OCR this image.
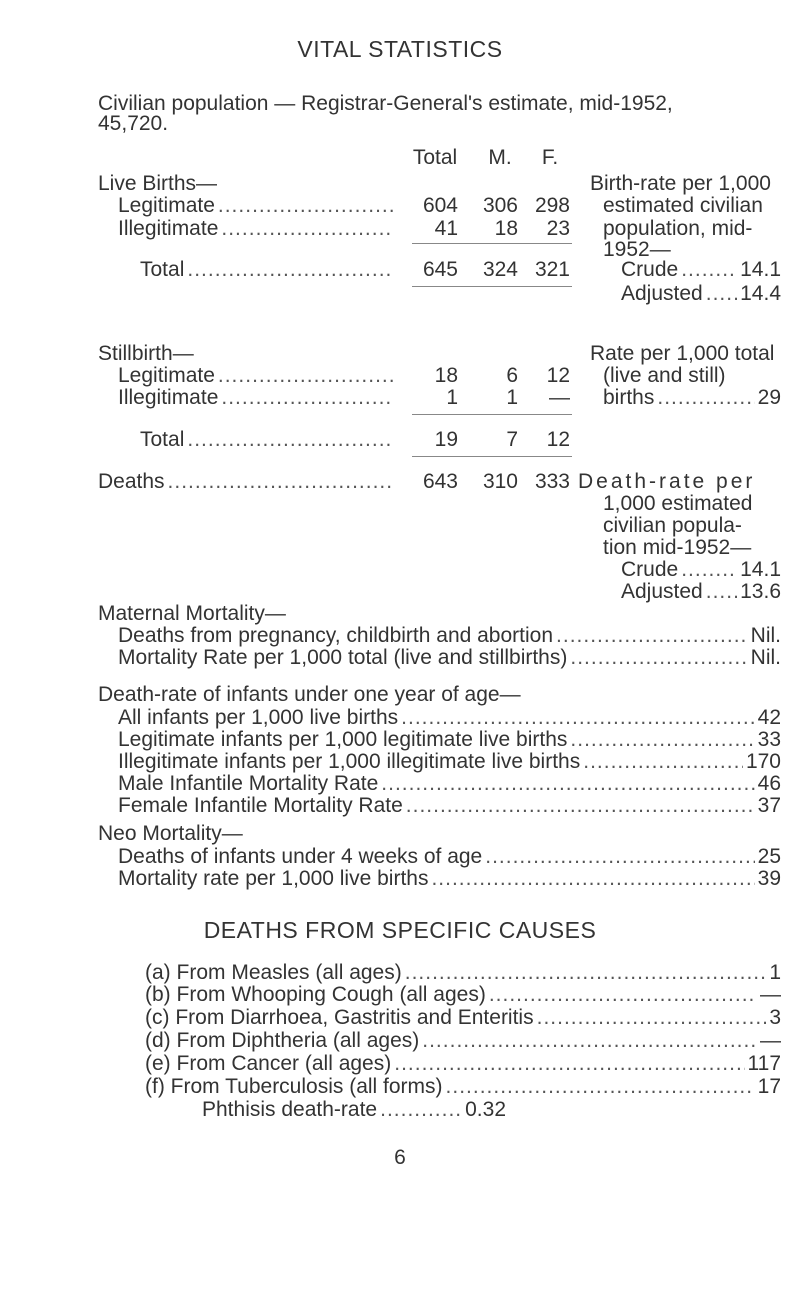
VITAL STATISTICS
Civilian population — Registrar-General's estimate, mid-1952,
45,720.
Total	M.	F.
Live Births—
Legitimate .....	604	306 298
Illegitimate .....	41	18	23
Total .....	645	324 321
Birth-rate per 1,000
estimated civilian
population, mid-
1952—
Crude .....	14.1
Adjusted ..... 14.4
Stillbirth—
Legitimate .....	18	6	12
Illegitimate .....	1	1	—
Total .....	19	7	12
Rate per 1,000 total
(live and still)
births .....	29
Deaths .....	643	310 333 Death-rate per
1,000 estimated
civilian popula-
tion mid-1952—
Crude .....	14.1
Adjusted ..... 13.6
Maternal Mortality—
Deaths from pregnancy, childbirth and abortion .....	Nil.
Mortality Rate per 1,000 total (live and stillbirths) .....	Nil.
Death-rate of infants under one year of age—
All infants per 1,000 live births .....	42
Legitimate infants per 1,000 legitimate live births .....	33
Illegitimate infants per 1,000 illegitimate live births .....	170
Male Infantile Mortality Rate .....	46
Female Infantile Mortality Rate .....	37
Neo Mortality—
Deaths of infants under 4 weeks of age .....	25
Mortality rate per 1,000 live births .....	39
DEATHS FROM SPECIFIC CAUSES
(a) From Measles (all ages) .....	1
(b) From Whooping Cough (all ages) .....	—
(c) From Diarrhoea, Gastritis and Enteritis .....	3
(d) From Diphtheria (all ages) .....	—
(e) From Cancer (all ages) .....	117
(f) From Tuberculosis (all forms) .....	17
Phthisis death-rate .....	0.32
6
